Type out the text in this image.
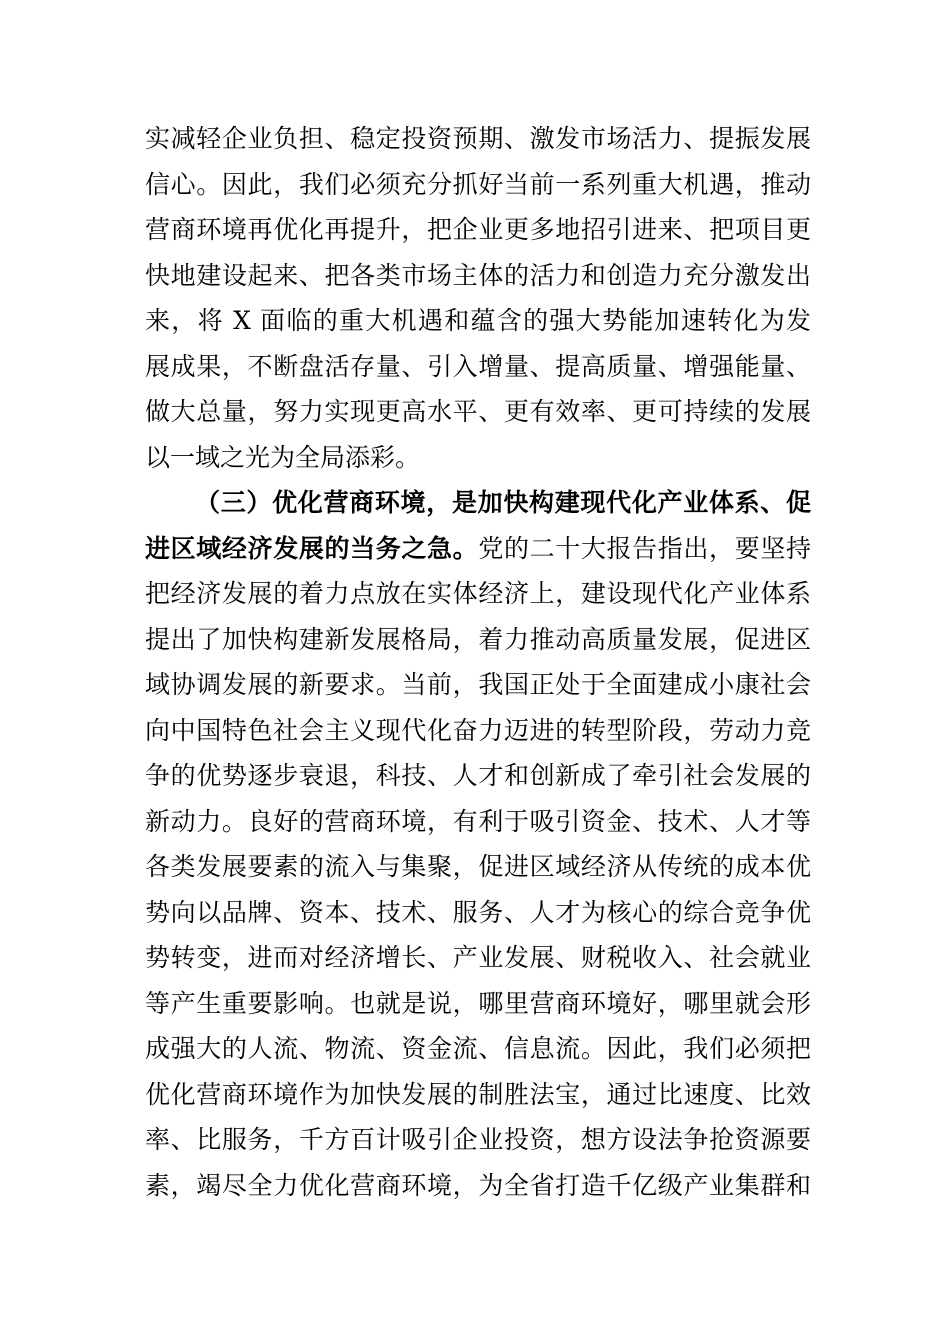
实减轻企业负担、稳定投资预期、激发市场活力、提振发展
信心。因此，我们必须充分抓好当前一系列重大机遇，推动
营商环境再优化再提升，把企业更多地招引进来、把项目更
快地建设起来、把各类市场主体的活力和创造力充分激发出
来，将 X 面临的重大机遇和蕴含的强大势能加速转化为发
展成果，不断盘活存量、引入增量、提高质量、增强能量、
做大总量，努力实现更高水平、更有效率、更可持续的发展
以一域之光为全局添彩。
（三）优化营商环境，是加快构建现代化产业体系、促
进区域经济发展的当务之急。党的二十大报告指出，要坚持
把经济发展的着力点放在实体经济上，建设现代化产业体系
提出了加快构建新发展格局，着力推动高质量发展，促进区
域协调发展的新要求。当前，我国正处于全面建成小康社会
向中国特色社会主义现代化奋力迈进的转型阶段，劳动力竞
争的优势逐步衰退，科技、人才和创新成了牵引社会发展的
新动力。良好的营商环境，有利于吸引资金、技术、人才等
各类发展要素的流入与集聚，促进区域经济从传统的成本优
势向以品牌、资本、技术、服务、人才为核心的综合竞争优
势转变，进而对经济增长、产业发展、财税收入、社会就业
等产生重要影响。也就是说，哪里营商环境好，哪里就会形
成强大的人流、物流、资金流、信息流。因此，我们必须把
优化营商环境作为加快发展的制胜法宝，通过比速度、比效
率、比服务，千方百计吸引企业投资，想方设法争抢资源要
素，竭尽全力优化营商环境，为全省打造千亿级产业集群和
